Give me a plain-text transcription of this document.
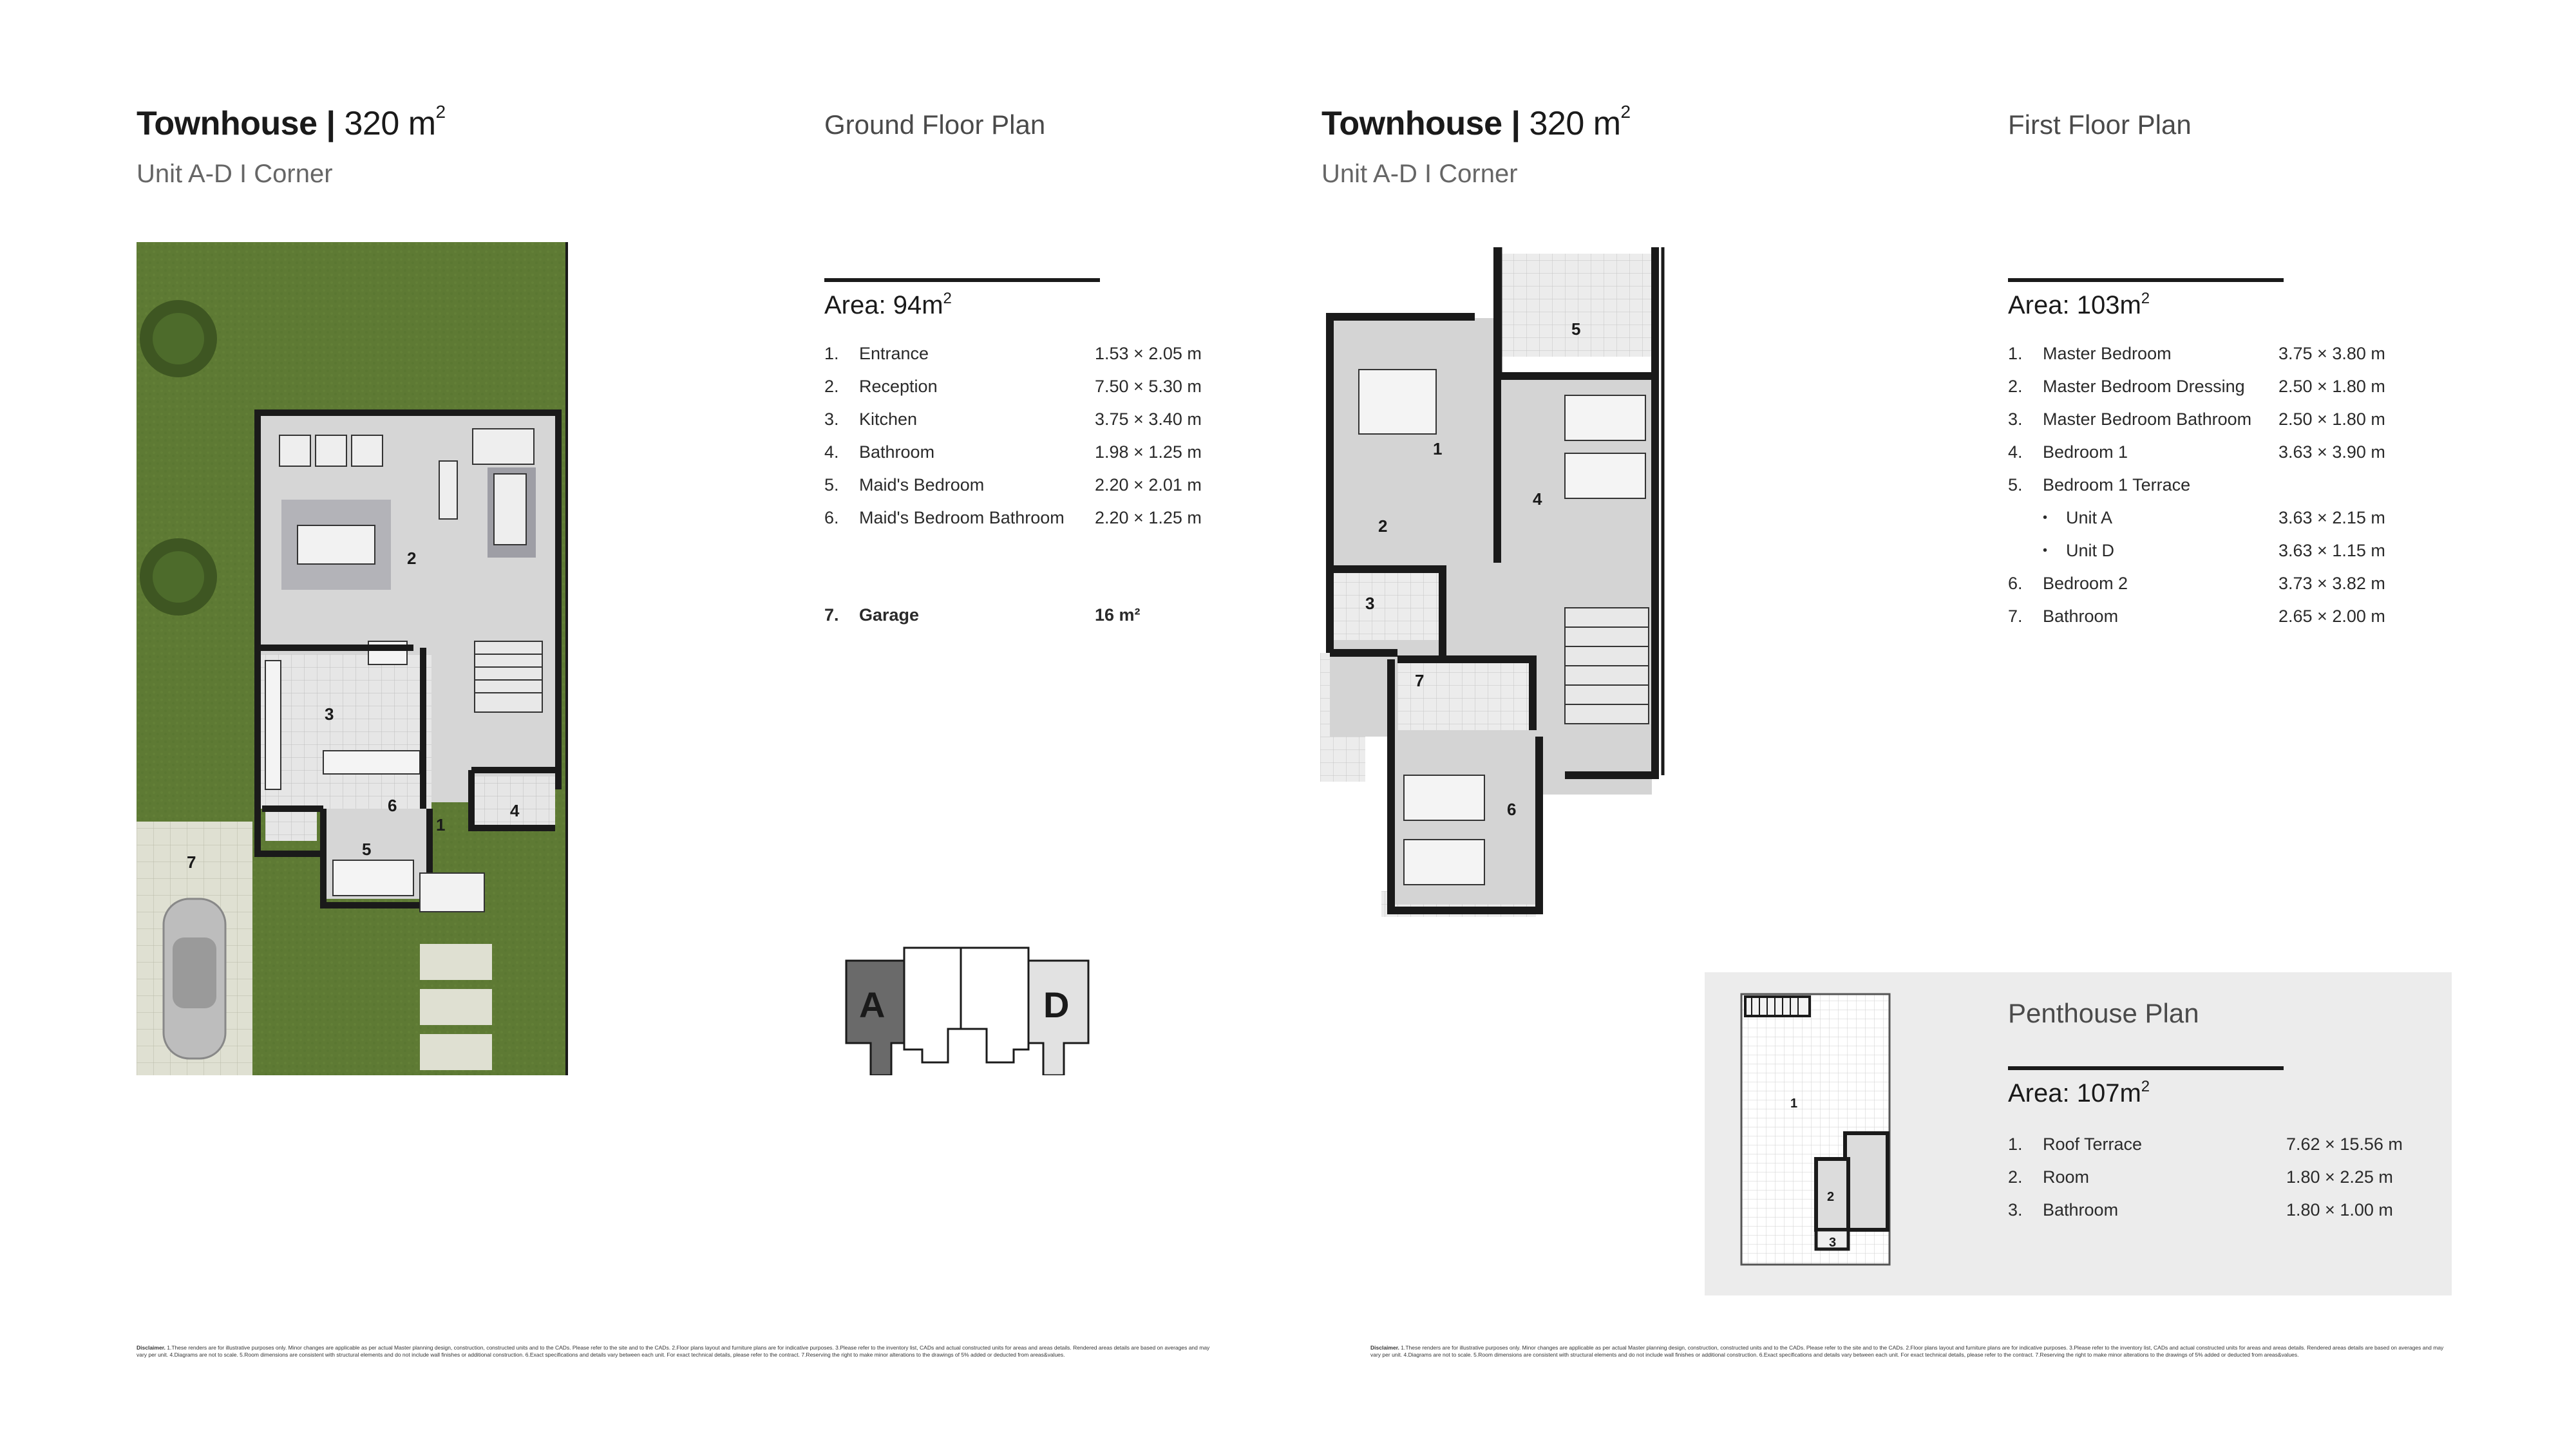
Townhouse | 320 $m^2$
Unit A-D I Corner
Ground Floor Plan
Area: $94m^2$
1. Entrance	1.53 × 2.05 m
2. Reception	7.50 × 5.30 m
3. Kitchen	3.75 × 3.40 m
4. Bathroom	1.98 × 1.25 m
5. Maid's Bedroom	2.20 × 2.01 m
6. Maid's Bedroom Bathroom 2.20 × 1.25 m
7. Garage	16 m²
1
2
3
4
5
6
7
A	D
Disclaimer. 1.These renders are for illustrative purposes only. Minor changes are applicable as per actual Master planning design, construction, constructed units and to the CADs. Please refer to the site and to the CADs. 2.Floor plans layout and furniture plans are for indicative purposes. 3.Please refer to the inventory list, CADs and actual constructed units for areas and areas details. Rendered areas details are based on averages and may vary per unit. 4.Diagrams are not to scale. 5.Room dimensions are consistent with structural elements and do not include wall finishes or additional construction. 6.Exact specifications and details vary between each unit. For exact technical details, please refer to the contract. 7.Reserving the right to make minor alterations to the drawings of 5% added or deducted from areas&values.
Townhouse | 320 $m^2$
Unit A-D I Corner
First Floor Plan
Area: $103m^2$
1. Master Bedroom	3.75 × 3.80 m
2. Master Bedroom Dressing 2.50 × 1.80 m
3. Master Bedroom Bathroom 2.50 × 1.80 m
4. Bedroom 1	3.63 × 3.90 m
5. Bedroom 1 Terrace
• Unit A	3.63 × 2.15 m
• Unit D	3.63 × 1.15 m
6. Bedroom 2	3.73 × 3.82 m
7. Bathroom	2.65 × 2.00 m
1
2
3
4
5
6
7
1
2
3
Penthouse Plan
Area: $107m^2$
1. Roof Terrace	7.62 × 15.56 m
2. Room	1.80 × 2.25 m
3. Bathroom	1.80 × 1.00 m
Disclaimer. 1.These renders are for illustrative purposes only. Minor changes are applicable as per actual Master planning design, construction, constructed units and to the CADs. Please refer to the site and to the CADs. 2.Floor plans layout and furniture plans are for indicative purposes. 3.Please refer to the inventory list, CADs and actual constructed units for areas and areas details. Rendered areas details are based on averages and may vary per unit. 4.Diagrams are not to scale. 5.Room dimensions are consistent with structural elements and do not include wall finishes or additional construction. 6.Exact specifications and details vary between each unit. For exact technical details, please refer to the contract. 7.Reserving the right to make minor alterations to the drawings of 5% added or deducted from areas&values.
